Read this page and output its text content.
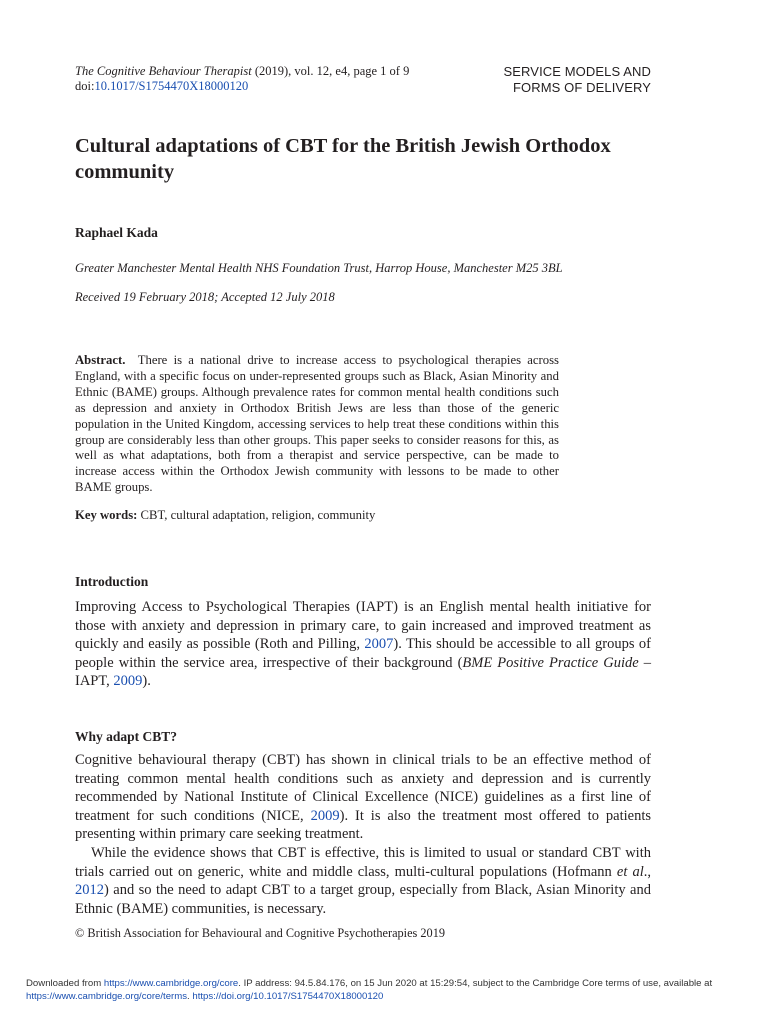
The Cognitive Behaviour Therapist (2019), vol. 12, e4, page 1 of 9
doi:10.1017/S1754470X18000120
SERVICE MODELS AND
FORMS OF DELIVERY
Cultural adaptations of CBT for the British Jewish Orthodox
community
Raphael Kada
Greater Manchester Mental Health NHS Foundation Trust, Harrop House, Manchester M25 3BL
Received 19 February 2018; Accepted 12 July 2018
Abstract. There is a national drive to increase access to psychological therapies across England, with a specific focus on under-represented groups such as Black, Asian Minority and Ethnic (BAME) groups. Although prevalence rates for common mental health conditions such as depression and anxiety in Orthodox British Jews are less than those of the generic population in the United Kingdom, accessing services to help treat these conditions within this group are considerably less than other groups. This paper seeks to consider reasons for this, as well as what adaptations, both from a therapist and service perspective, can be made to increase access within the Orthodox Jewish community with lessons to be made to other BAME groups.
Key words: CBT, cultural adaptation, religion, community
Introduction

Improving Access to Psychological Therapies (IAPT) is an English mental health initiative for those with anxiety and depression in primary care, to gain increased and improved treatment as quickly and easily as possible (Roth and Pilling, 2007). This should be accessible to all groups of people within the service area, irrespective of their background (BME Positive Practice Guide – IAPT, 2009).

Why adapt CBT?

Cognitive behavioural therapy (CBT) has shown in clinical trials to be an effective method of treating common mental health conditions such as anxiety and depression and is currently recommended by National Institute of Clinical Excellence (NICE) guidelines as a first line of treatment for such conditions (NICE, 2009). It is also the treatment most offered to patients presenting within primary care seeking treatment.

While the evidence shows that CBT is effective, this is limited to usual or standard CBT with trials carried out on generic, white and middle class, multi-cultural populations (Hofmann et al., 2012) and so the need to adapt CBT to a target group, especially from Black, Asian Minority and Ethnic (BAME) communities, is necessary.

© British Association for Behavioural and Cognitive Psychotherapies 2019
Downloaded from https://www.cambridge.org/core. IP address: 94.5.84.176, on 15 Jun 2020 at 15:29:54, subject to the Cambridge Core terms of use, available at
https://www.cambridge.org/core/terms. https://doi.org/10.1017/S1754470X18000120
